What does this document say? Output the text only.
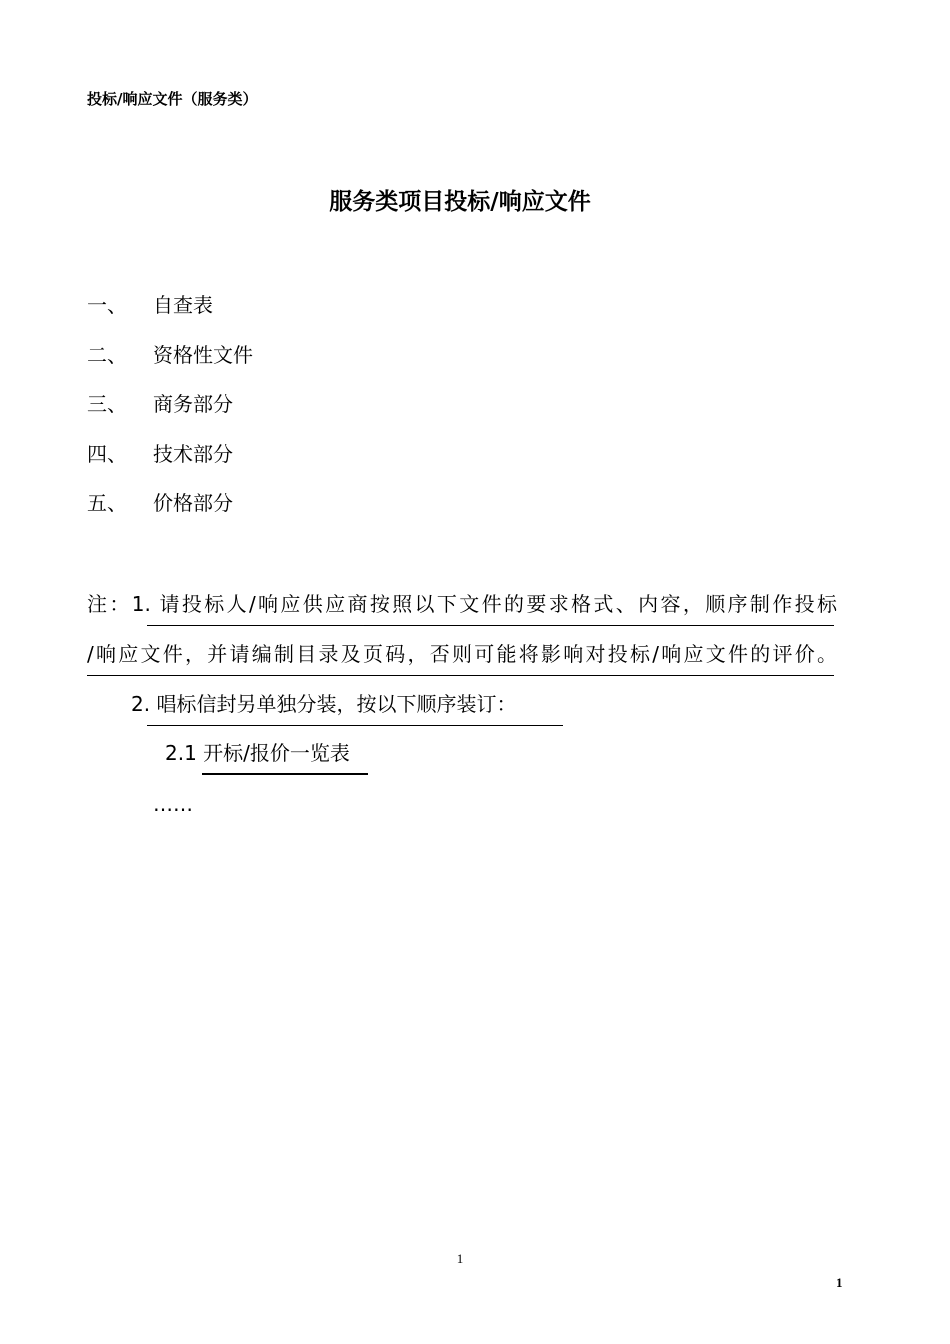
投标/响应文件（服务类）
服务类项目投标/响应文件
一、 自查表
二、 资格性文件
三、 商务部分
四、 技术部分
五、 价格部分
注：1. 请投标人/响应供应商按照以下文件的要求格式、内容，顺序制作投标
/响应文件，并请编制目录及页码，否则可能将影响对投标/响应文件的评价。
2. 唱标信封另单独分装，按以下顺序装订：
2.1 开标/报价一览表
……
1
1
